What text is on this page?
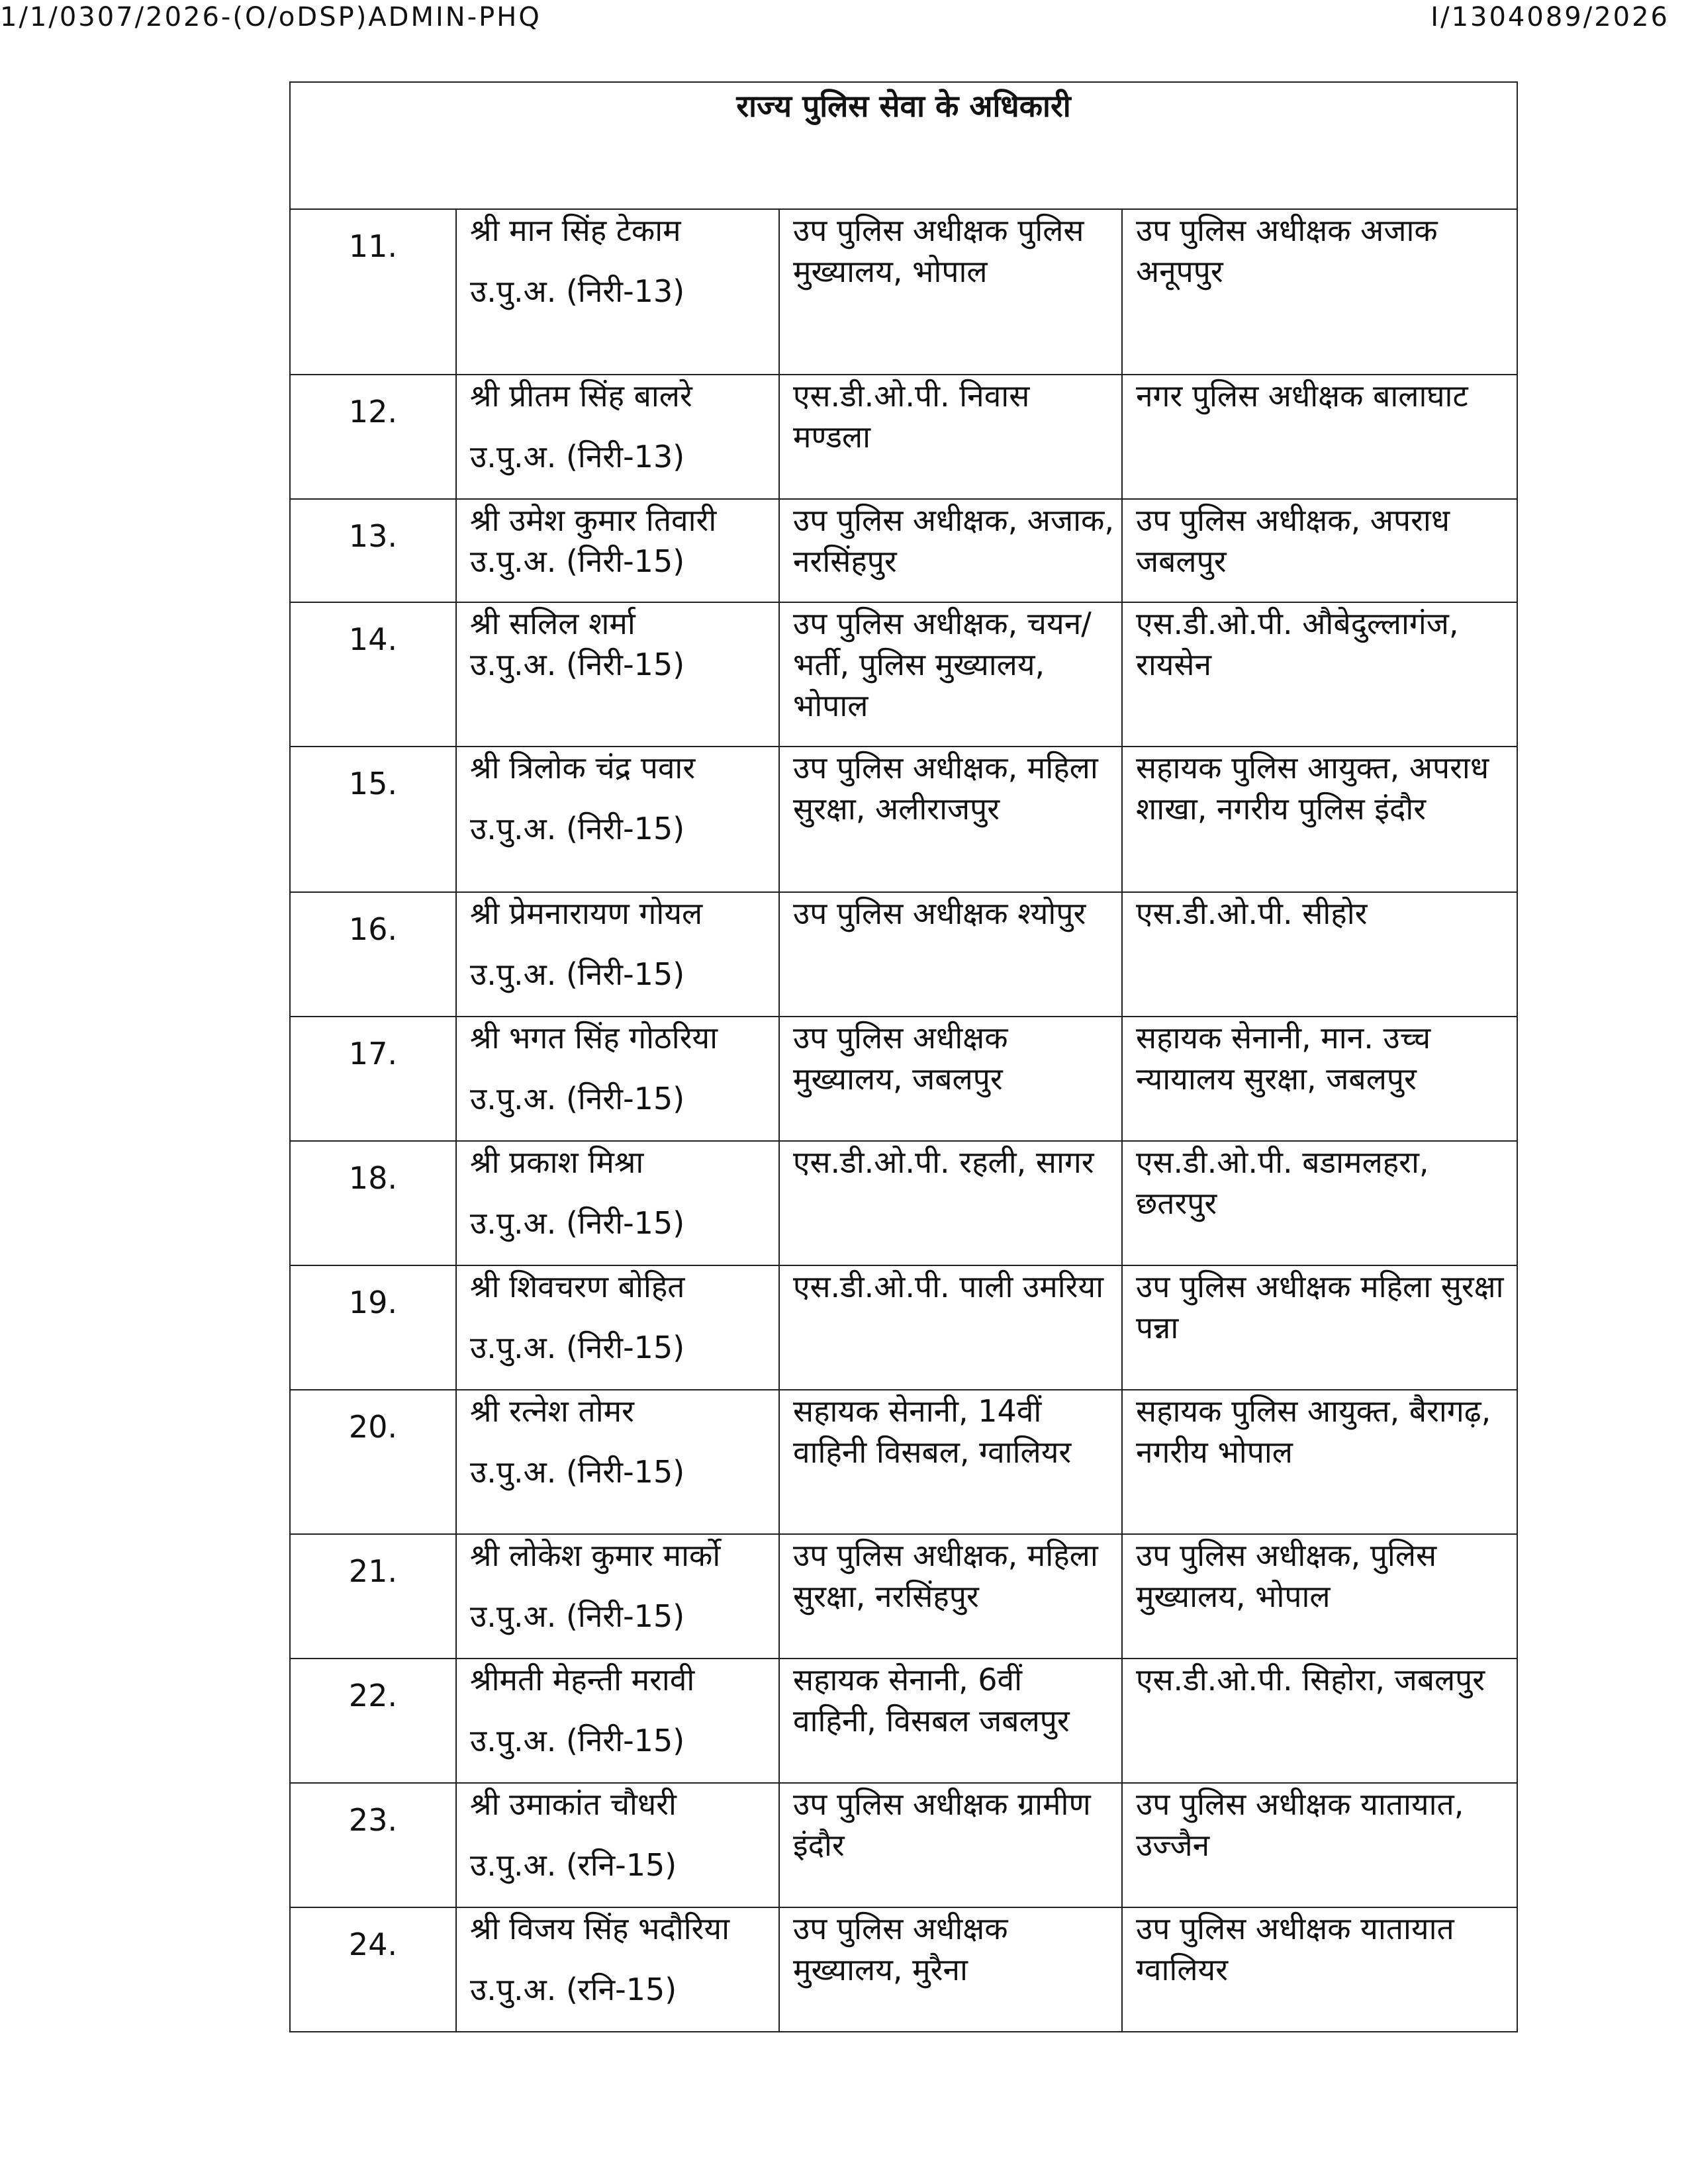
1/1/0307/2026-(O/oDSP)ADMIN-PHQ	I/1304089/2026
राज्य पुलिस सेवा के अधिकारी			

11.	श्री मान सिंह टेकाम
उ.पु.अ. (निरी-13)	उप पुलिस अधीक्षक पुलिस मुख्यालय, भोपाल	उप पुलिस अधीक्षक अजाक अनूपपुर

12.	श्री प्रीतम सिंह बालरे
उ.पु.अ. (निरी-13)	एस.डी.ओ.पी. निवास मण्डला	नगर पुलिस अधीक्षक बालाघाट

13.	श्री उमेश कुमार तिवारी
उ.पु.अ. (निरी-15)	उप पुलिस अधीक्षक, अजाक, नरसिंहपुर	उप पुलिस अधीक्षक, अपराध जबलपुर

14.	श्री सलिल शर्मा
उ.पु.अ. (निरी-15)	उप पुलिस अधीक्षक, चयन/भर्ती, पुलिस मुख्यालय, भोपाल	एस.डी.ओ.पी. औबेदुल्लागंज, रायसेन

15.	श्री त्रिलोक चंद्र पवार
उ.पु.अ. (निरी-15)	उप पुलिस अधीक्षक, महिला सुरक्षा, अलीराजपुर	सहायक पुलिस आयुक्त, अपराध शाखा, नगरीय पुलिस इंदौर

16.	श्री प्रेमनारायण गोयल
उ.पु.अ. (निरी-15)	उप पुलिस अधीक्षक श्योपुर	एस.डी.ओ.पी. सीहोर

17.	श्री भगत सिंह गोठरिया
उ.पु.अ. (निरी-15)	उप पुलिस अधीक्षक मुख्यालय, जबलपुर	सहायक सेनानी, मान. उच्च न्यायालय सुरक्षा, जबलपुर

18.	श्री प्रकाश मिश्रा
उ.पु.अ. (निरी-15)	एस.डी.ओ.पी. रहली, सागर	एस.डी.ओ.पी. बडामलहरा, छतरपुर

19.	श्री शिवचरण बोहित
उ.पु.अ. (निरी-15)	एस.डी.ओ.पी. पाली उमरिया	उप पुलिस अधीक्षक महिला सुरक्षा पन्ना

20.	श्री रत्नेश तोमर
उ.पु.अ. (निरी-15)	सहायक सेनानी, 14वीं वाहिनी विसबल, ग्वालियर	सहायक पुलिस आयुक्त, बैरागढ़, नगरीय भोपाल

21.	श्री लोकेश कुमार मार्को
उ.पु.अ. (निरी-15)	उप पुलिस अधीक्षक, महिला सुरक्षा, नरसिंहपुर	उप पुलिस अधीक्षक, पुलिस मुख्यालय, भोपाल

22.	श्रीमती मेहन्ती मरावी
उ.पु.अ. (निरी-15)	सहायक सेनानी, 6वीं वाहिनी, विसबल जबलपुर	एस.डी.ओ.पी. सिहोरा, जबलपुर

23.	श्री उमाकांत चौधरी
उ.पु.अ. (रनि-15)	उप पुलिस अधीक्षक ग्रामीण इंदौर	उप पुलिस अधीक्षक यातायात, उज्जैन

24.	श्री विजय सिंह भदौरिया
उ.पु.अ. (रनि-15)	उप पुलिस अधीक्षक मुख्यालय, मुरैना	उप पुलिस अधीक्षक यातायात ग्वालियर
